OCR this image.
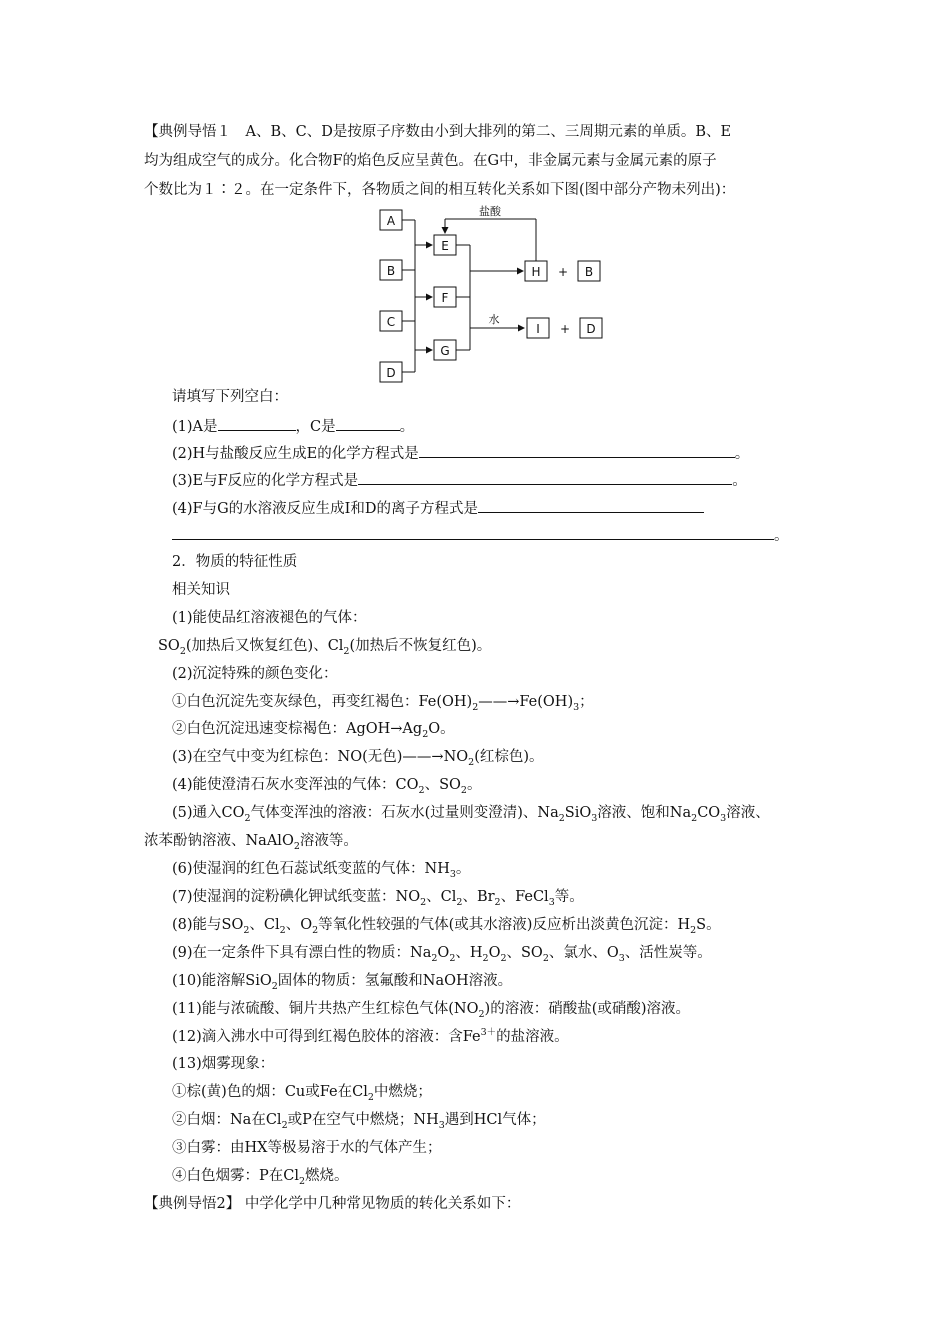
【典例导悟１　A、B、C、D是按原子序数由小到大排列的第二、三周期元素的单质。B、E
均为组成空气的成分。化合物F的焰色反应呈黄色。在G中，非金属元素与金属元素的原子
个数比为１∶２。在一定条件下，各物质之间的相互转化关系如下图(图中部分产物未列出)：
A
B
C
D
E
F
G
H + B
I + D
盐酸
水
请填写下列空白：
(1)A是	，C是	。
(2)H与盐酸反应生成E的化学方程式是	。
(3)E与F反应的化学方程式是	。
(4)F与G的水溶液反应生成I和D的离子方程式是
。
2．物质的特征性质
相关知识
(1)能使品红溶液褪色的气体：
$SO_2$(加热后又恢复红色)、$Cl_2$(加热后不恢复红色)。
(2)沉淀特殊的颜色变化：
①白色沉淀先变灰绿色，再变红褐色：$Fe(OH)_2——\to Fe(OH)_3$；
②白色沉淀迅速变棕褐色：$AgOH\to Ag_2O$。
(3)在空气中变为红棕色：NO(无色)$——\to NO_2$(红棕色)。
(4)能使澄清石灰水变浑浊的气体：$CO_2$、$SO_2$。
(5)通入$CO_2$气体变浑浊的溶液：石灰水(过量则变澄清)、$Na_2SiO_3$溶液、饱和$Na_2CO_3$溶液、
浓苯酚钠溶液、NaAlO$_2$溶液等。
(6)使湿润的红色石蕊试纸变蓝的气体：$NH_3$。
(7)使湿润的淀粉碘化钾试纸变蓝：$NO_2$、$Cl_2$、$Br_2$、FeCl$_3$等。
(8)能与$SO_2$、$Cl_2$、$O_2$等氧化性较强的气体(或其水溶液)反应析出淡黄色沉淀：$H_2S$。
(9)在一定条件下具有漂白性的物质：$Na_2O_2$、$H_2O_2$、$SO_2$、氯水、$O_3$、活性炭等。
(10)能溶解SiO$_2$固体的物质：氢氟酸和NaOH溶液。
(11)能与浓硫酸、铜片共热产生红棕色气体$(NO_2)$的溶液：硝酸盐(或硝酸)溶液。
(12)滴入沸水中可得到红褐色胶体的溶液：含$Fe^{3+}$的盐溶液。
(13)烟雾现象：
①棕(黄)色的烟：Cu或Fe在$Cl_2$中燃烧；
②白烟：Na在$Cl_2$或P在空气中燃烧；$NH_3$遇到HCl气体；
③白雾：由HX等极易溶于水的气体产生；
④白色烟雾：P在$Cl_2$燃烧。
【典例导悟2】 中学化学中几种常见物质的转化关系如下：
